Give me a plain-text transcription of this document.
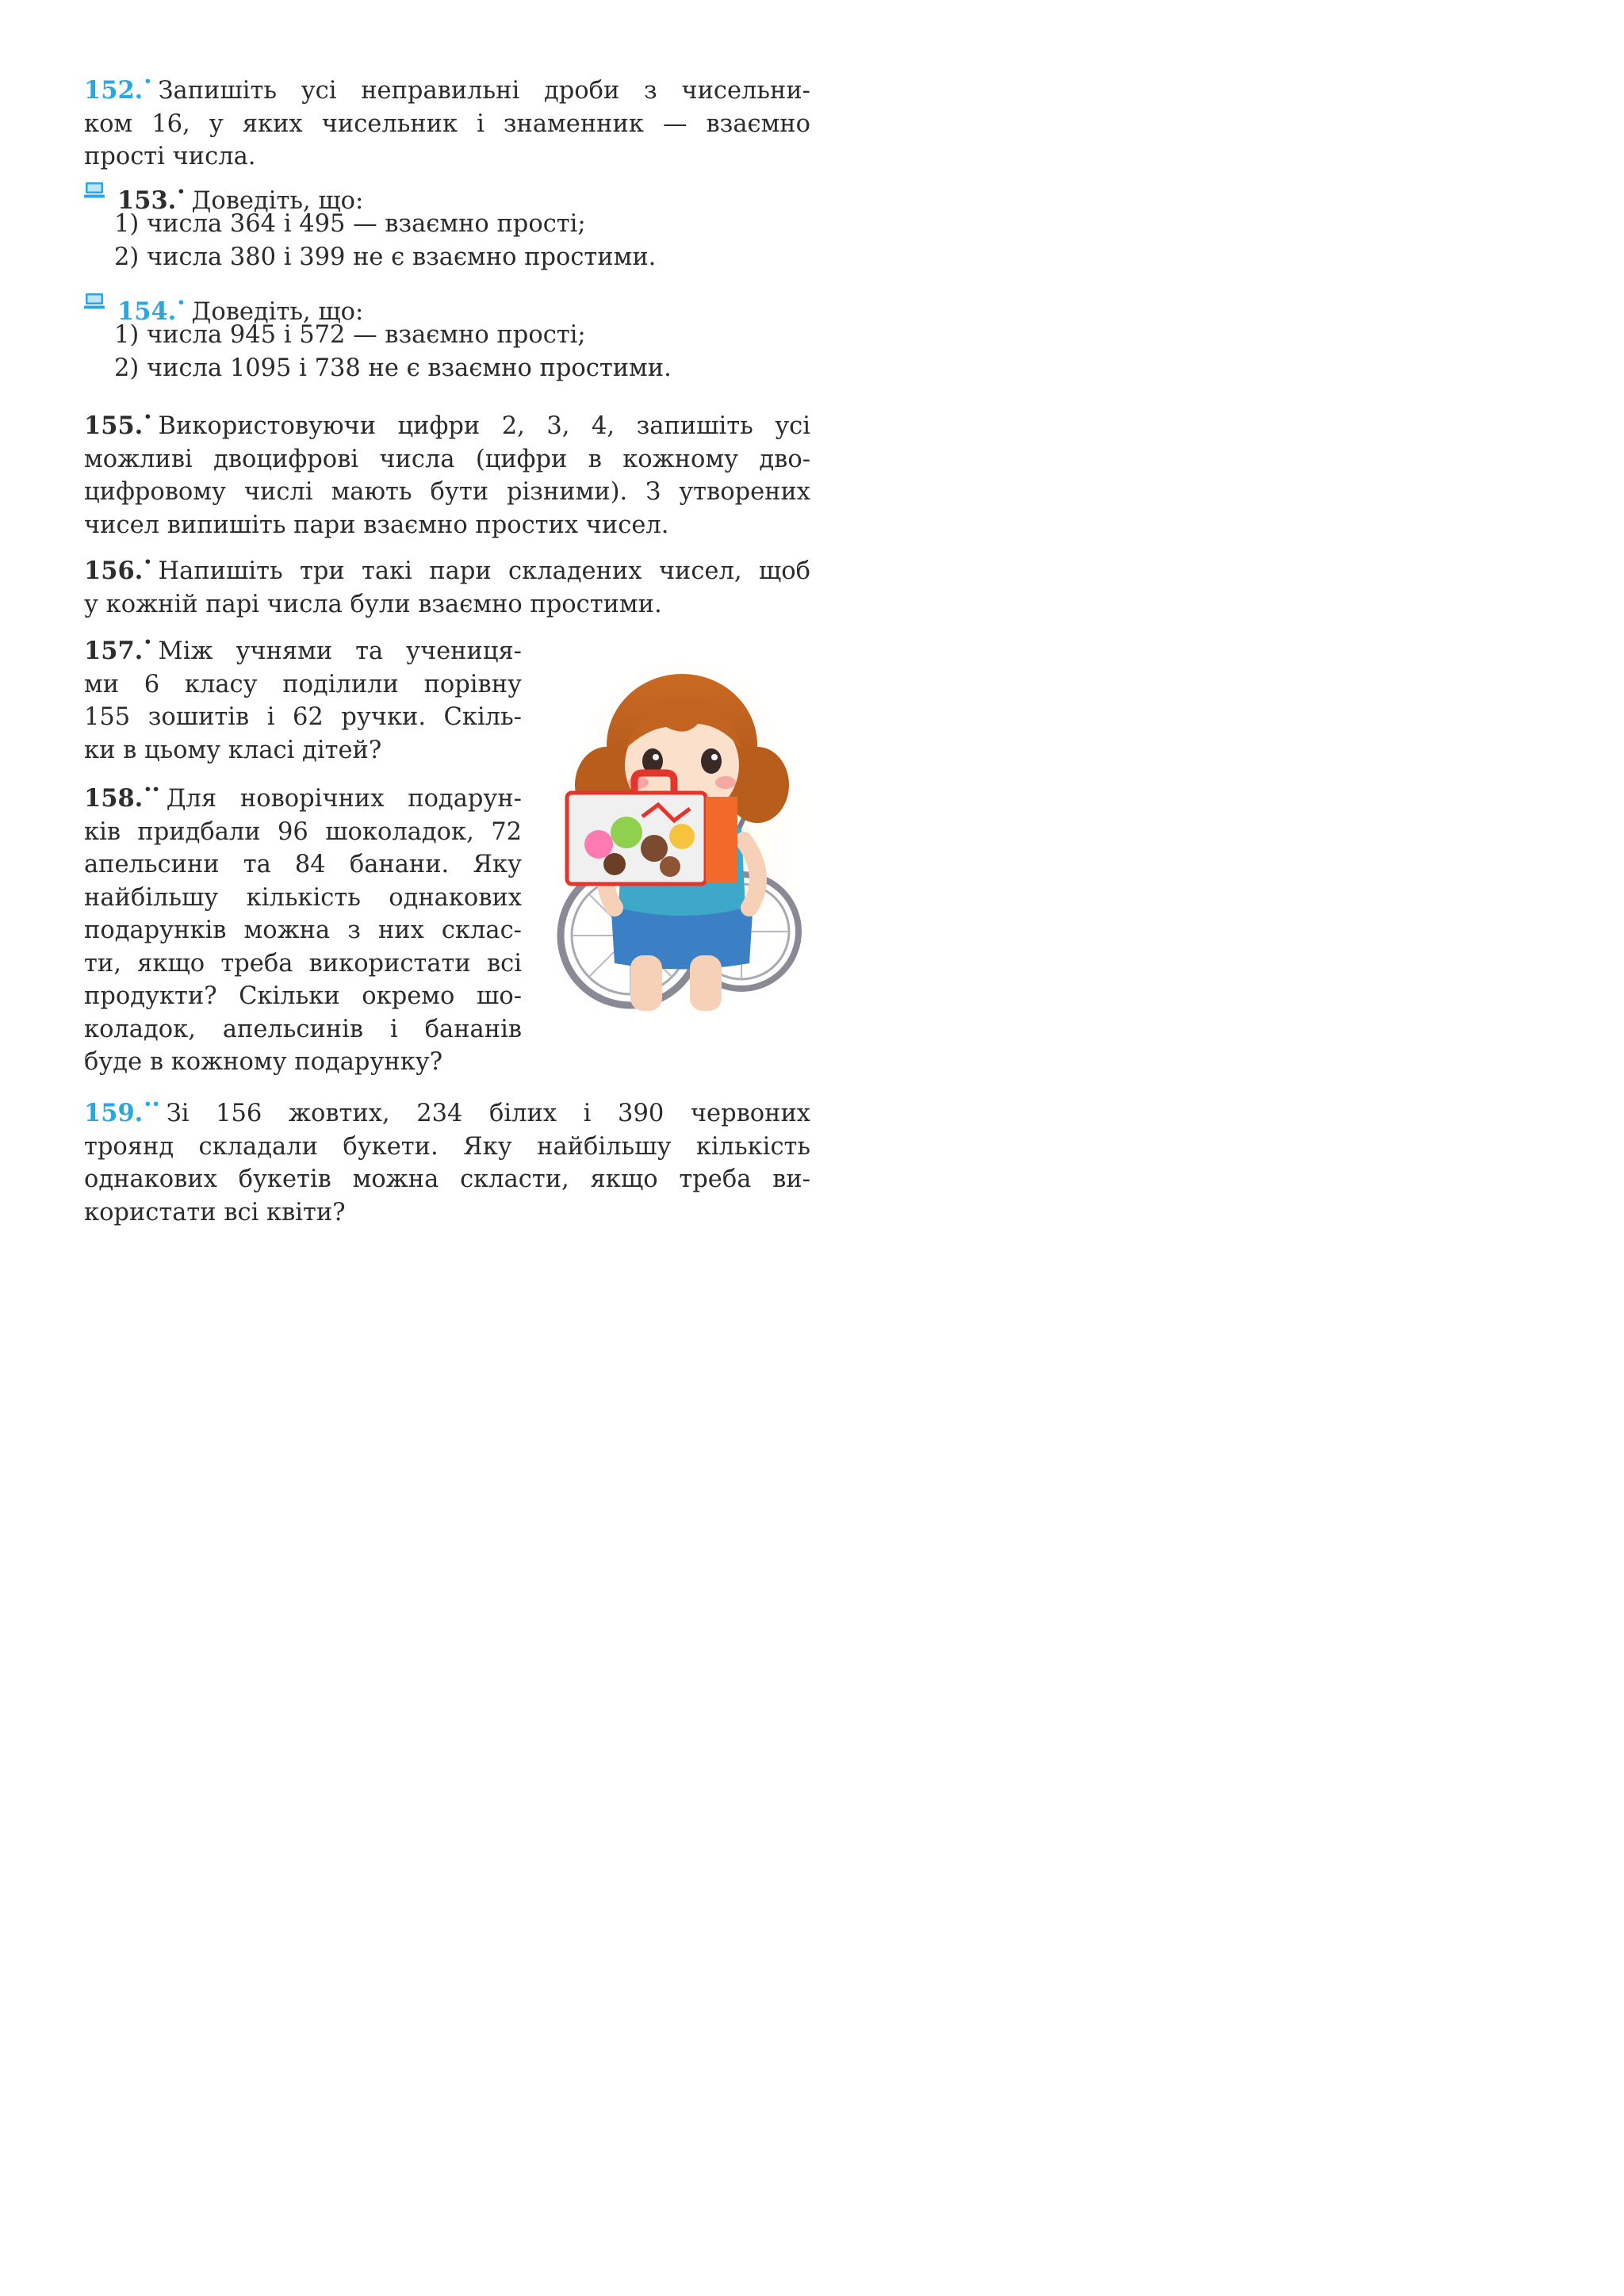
152.• Запишіть усі неправильні дроби з чисельни-
ком 16, у яких чисельник і знаменник — взаємно
прості числа.
153.• Доведіть, що:
1) числа 364 і 495 — взаємно прості;
2) числа 380 і 399 не є взаємно простими.
154.• Доведіть, що:
1) числа 945 і 572 — взаємно прості;
2) числа 1095 і 738 не є взаємно простими.
155.• Використовуючи цифри 2, 3, 4, запишіть усі
можливі двоцифрові числа (цифри в кожному дво-
цифровому числі мають бути різними). З утворених
чисел випишіть пари взаємно простих чисел.
156.• Напишіть три такі пари складених чисел, щоб
у кожній парі числа були взаємно простими.
157.• Між учнями та учениця-
ми 6 класу поділили порівну
155 зошитів і 62 ручки. Скіль-
ки в цьому класі дітей?
158.•• Для новорічних подарун-
ків придбали 96 шоколадок, 72
апельсини та 84 банани. Яку
найбільшу кількість однакових
подарунків можна з них склас-
ти, якщо треба використати всі
продукти? Скільки окремо шо-
коладок, апельсинів і бананів
буде в кожному подарунку?
159.•• Зі 156 жовтих, 234 білих і 390 червоних
троянд складали букети. Яку найбільшу кількість
однакових букетів можна скласти, якщо треба ви-
користати всі квіти?
